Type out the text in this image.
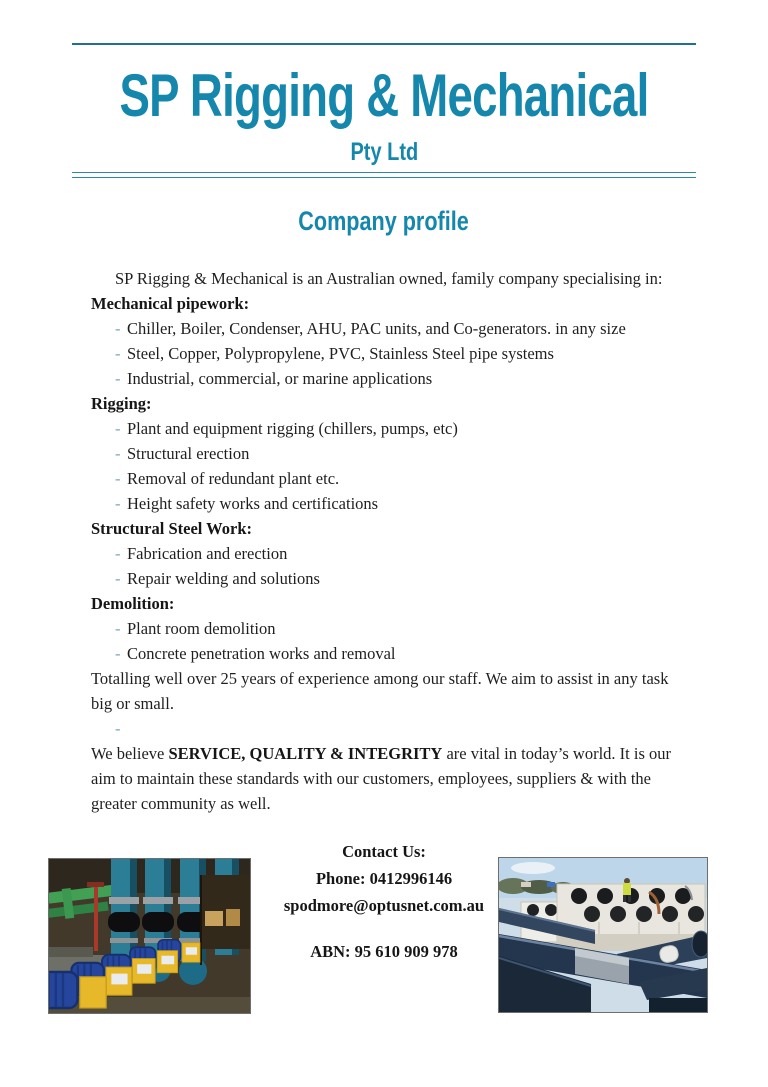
SP Rigging & Mechanical
Pty Ltd
Company profile

SP Rigging & Mechanical is an Australian owned, family company specialising in:

Mechanical pipework:
- Chiller, Boiler, Condenser, AHU, PAC units, and Co-generators. in any size
- Steel, Copper, Polypropylene, PVC, Stainless Steel pipe systems
- Industrial, commercial, or marine applications
Rigging:
- Plant and equipment rigging (chillers, pumps, etc)
- Structural erection
- Removal of redundant plant etc.
- Height safety works and certifications
Structural Steel Work:
- Fabrication and erection
- Repair welding and solutions
Demolition:
- Plant room demolition
- Concrete penetration works and removal

Totalling well over 25 years of experience among our staff. We aim to assist in any task big or small.

-

We believe SERVICE, QUALITY & INTEGRITY are vital in today’s world. It is our aim to maintain these standards with our customers, employees, suppliers & with the greater community as well.

Contact Us:
Phone: 0412996146
spodmore@optusnet.com.au
ABN: 95 610 909 978
